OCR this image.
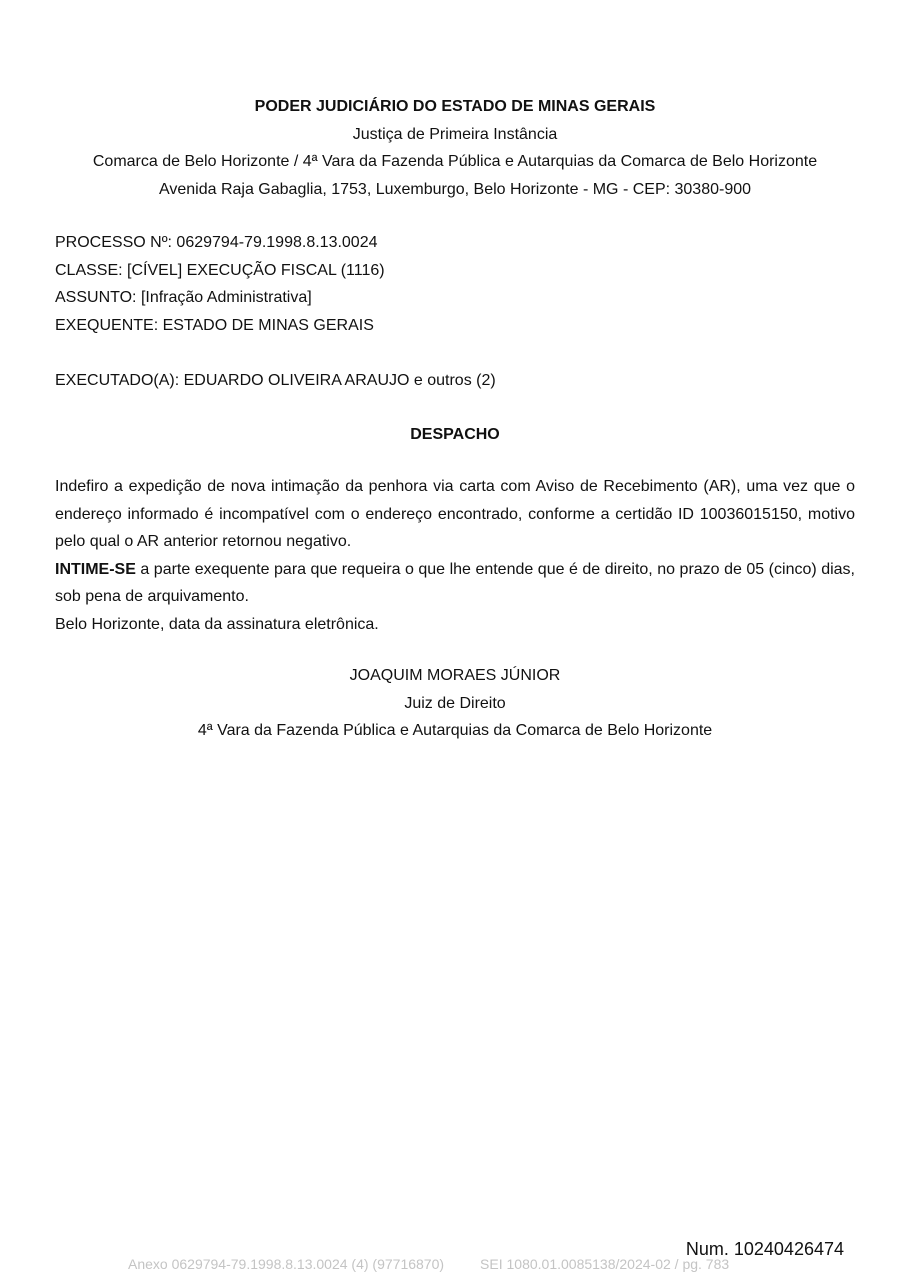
PODER JUDICIÁRIO DO ESTADO DE MINAS GERAIS
Justiça de Primeira Instância
Comarca de Belo Horizonte / 4ª Vara da Fazenda Pública e Autarquias da Comarca de Belo Horizonte
Avenida Raja Gabaglia, 1753, Luxemburgo, Belo Horizonte - MG - CEP: 30380-900
PROCESSO Nº: 0629794-79.1998.8.13.0024
CLASSE: [CÍVEL] EXECUÇÃO FISCAL (1116)
ASSUNTO: [Infração Administrativa]
EXEQUENTE: ESTADO DE MINAS GERAIS
EXECUTADO(A): EDUARDO OLIVEIRA ARAUJO e outros (2)
DESPACHO

Indefiro a expedição de nova intimação da penhora via carta com Aviso de Recebimento (AR), uma vez que o endereço informado é incompatível com o endereço encontrado, conforme a certidão ID 10036015150, motivo pelo qual o AR anterior retornou negativo.

INTIME-SE a parte exequente para que requeira o que lhe entende que é de direito, no prazo de 05 (cinco) dias, sob pena de arquivamento.

Belo Horizonte, data da assinatura eletrônica.

JOAQUIM MORAES JÚNIOR
Juiz de Direito
4ª Vara da Fazenda Pública e Autarquias da Comarca de Belo Horizonte
Num. 10240426474
Anexo 0629794-79.1998.8.13.0024 (4) (97716870)	SEI 1080.01.0085138/2024-02 / pg. 783
